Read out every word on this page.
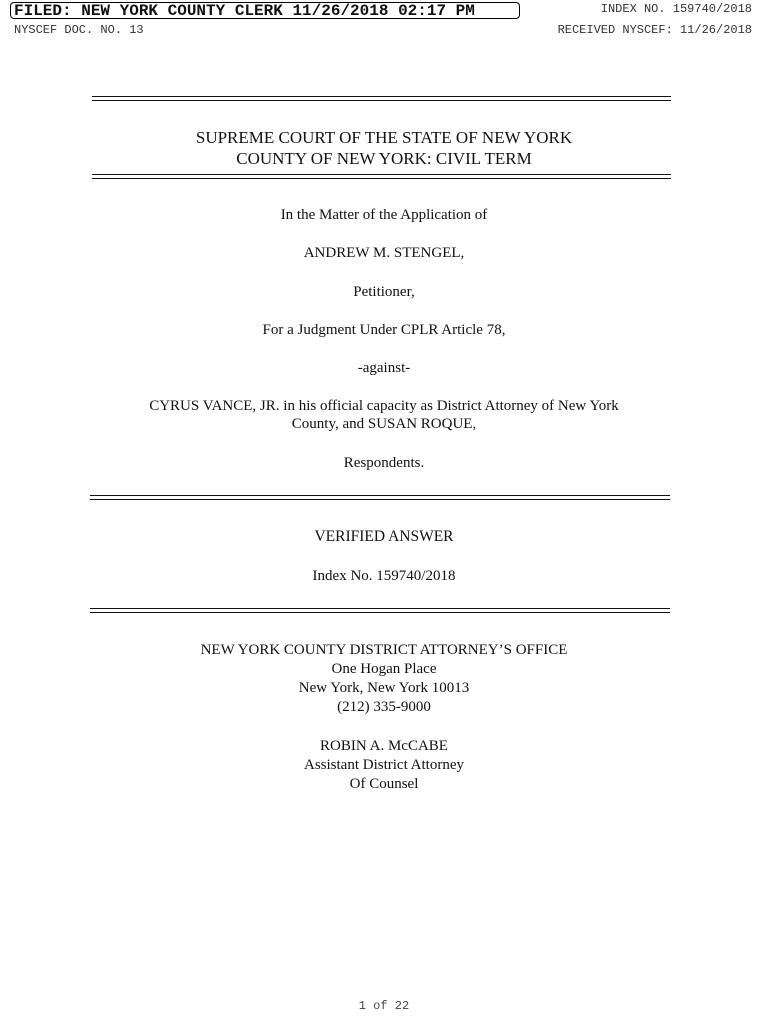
FILED: NEW YORK COUNTY CLERK 11/26/2018 02:17 PM
NYSCEF DOC. NO. 13
INDEX NO. 159740/2018
RECEIVED NYSCEF: 11/26/2018
SUPREME COURT OF THE STATE OF NEW YORK
COUNTY OF NEW YORK: CIVIL TERM
In the Matter of the Application of
ANDREW M. STENGEL,
Petitioner,
For a Judgment Under CPLR Article 78,
-against-
CYRUS VANCE, JR. in his official capacity as District Attorney of New York
County, and SUSAN ROQUE,
Respondents.
VERIFIED ANSWER
Index No. 159740/2018
NEW YORK COUNTY DISTRICT ATTORNEY’S OFFICE
One Hogan Place
New York, New York 10013
(212) 335-9000
ROBIN A. McCABE
Assistant District Attorney
Of Counsel
1 of 22
